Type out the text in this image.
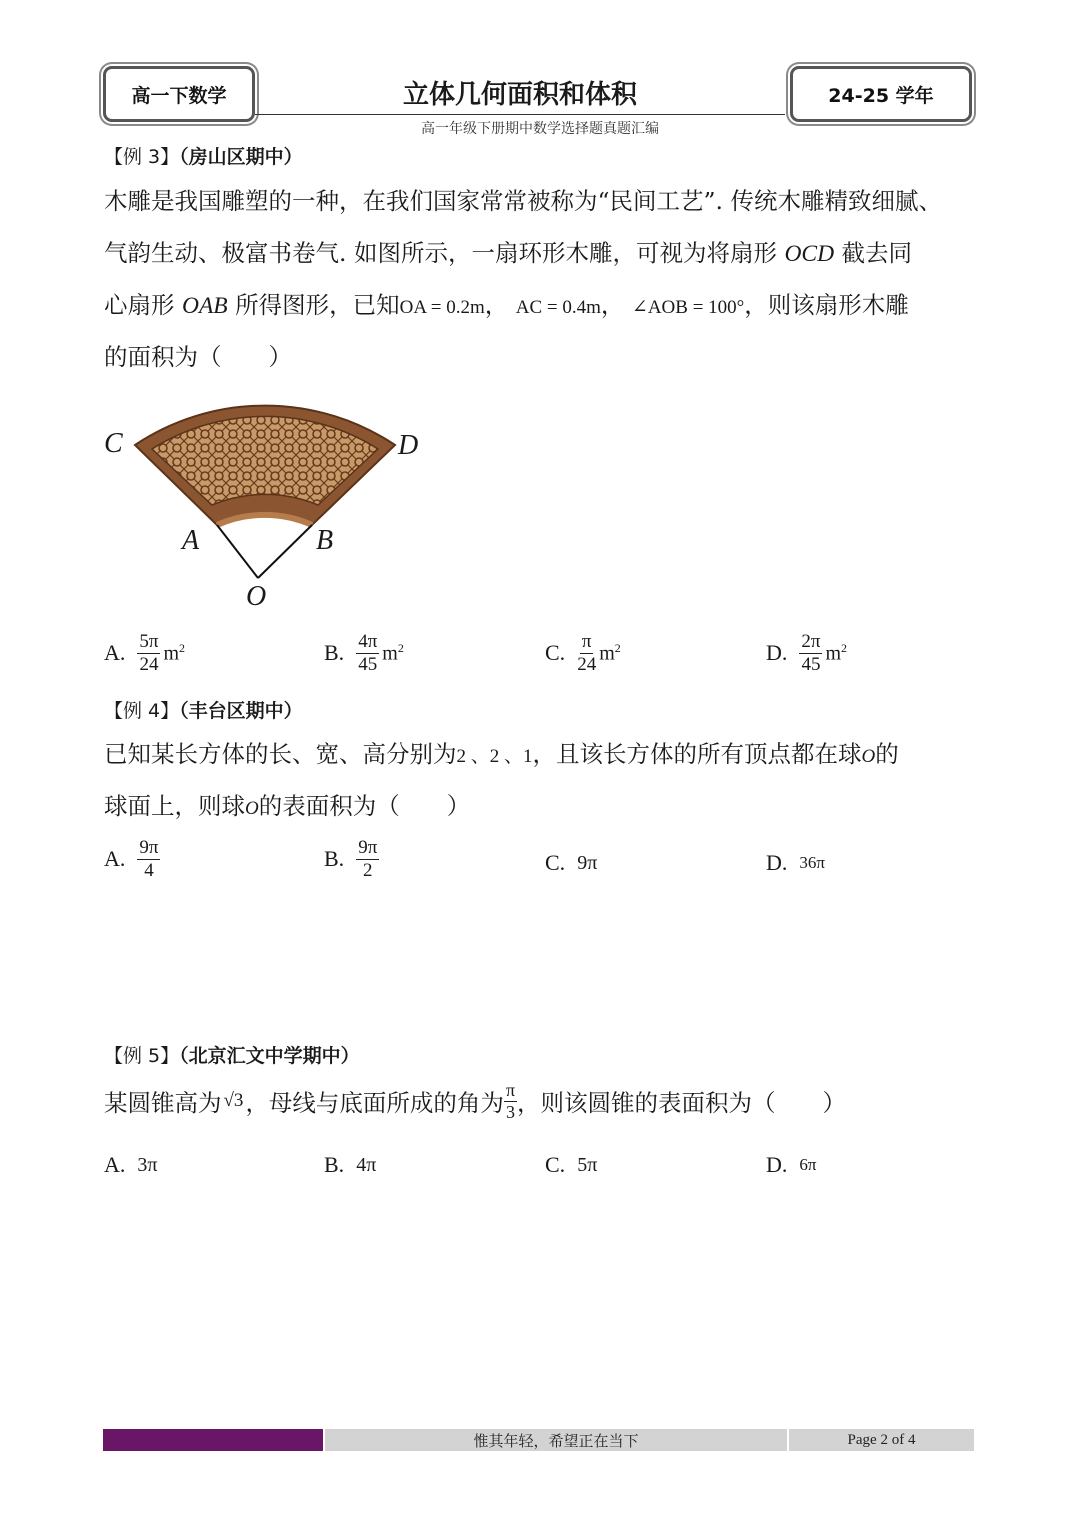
高一下数学	立体几何面积和体积	24-25 学年
高一年级下册期中数学选择题真题汇编
【例 3】（房山区期中）
木雕是我国雕塑的一种，在我们国家常常被称为“民间工艺”. 传统木雕精致细腻、
气韵生动、极富书卷气. 如图所示，一扇环形木雕，可视为将扇形 OCD 截去同
心扇形 OAB 所得图形，已知OA = 0.2m， AC = 0.4m， ∠AOB = 100°，则该扇形木雕
的面积为（　　）
C	D
A	B
O
A. $\frac{5\pi}{24} m^2$	B. $\frac{4\pi}{45} m^2$	C. $\frac{\pi}{24} m^2$	D. $\frac{2\pi}{45} m^2$
【例 4】（丰台区期中）
已知某长方体的长、宽、高分别为2 、2 、1，且该长方体的所有顶点都在球O的
球面上，则球O的表面积为（　　）
A. $\frac{9\pi}{4}$	B. $\frac{9\pi}{2}$	C. 9π	D. 36π
【例 5】（北京汇文中学期中）
某圆锥高为 √3 ，母线与底面所成的角为 $\frac{\pi}{3}$ ，则该圆锥的表面积为（　　）
A. 3π	B. 4π	C. 5π	D. 6π
惟其年轻，希望正在当下	Page 2 of 4
